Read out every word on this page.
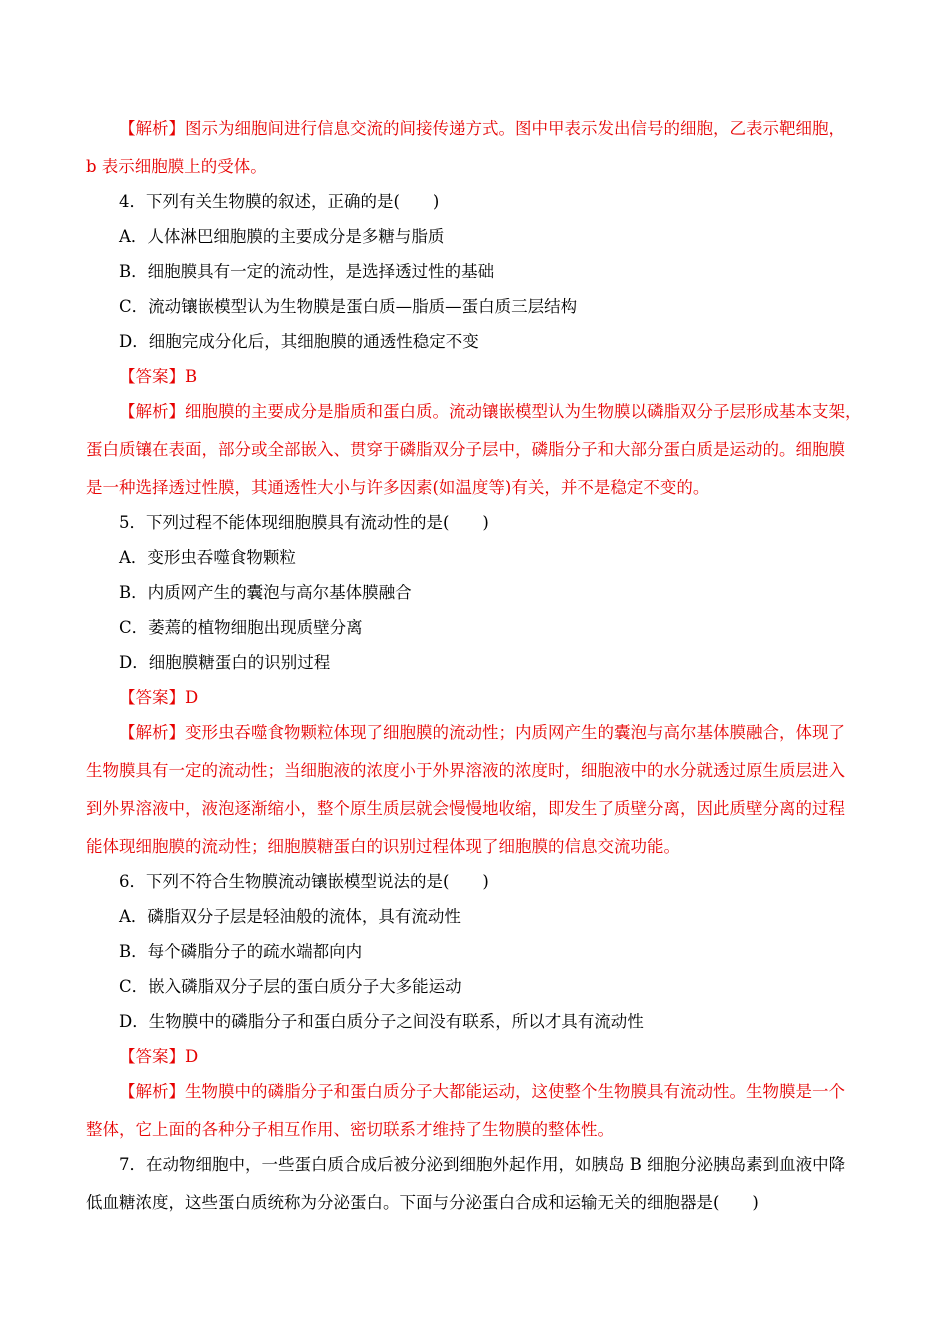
【解析】图示为细胞间进行信息交流的间接传递方式。图中甲表示发出信号的细胞，乙表示靶细胞，
b 表示细胞膜上的受体。
4．下列有关生物膜的叙述，正确的是(　　)
A．人体淋巴细胞膜的主要成分是多糖与脂质
B．细胞膜具有一定的流动性，是选择透过性的基础
C．流动镶嵌模型认为生物膜是蛋白质—脂质—蛋白质三层结构
D．细胞完成分化后，其细胞膜的通透性稳定不变
【答案】B
【解析】细胞膜的主要成分是脂质和蛋白质。流动镶嵌模型认为生物膜以磷脂双分子层形成基本支架，
蛋白质镶在表面，部分或全部嵌入、贯穿于磷脂双分子层中，磷脂分子和大部分蛋白质是运动的。细胞膜
是一种选择透过性膜，其通透性大小与许多因素(如温度等)有关，并不是稳定不变的。
5．下列过程不能体现细胞膜具有流动性的是(　　)
A．变形虫吞噬食物颗粒
B．内质网产生的囊泡与高尔基体膜融合
C．萎蔫的植物细胞出现质壁分离
D．细胞膜糖蛋白的识别过程
【答案】D
【解析】变形虫吞噬食物颗粒体现了细胞膜的流动性；内质网产生的囊泡与高尔基体膜融合，体现了
生物膜具有一定的流动性；当细胞液的浓度小于外界溶液的浓度时，细胞液中的水分就透过原生质层进入
到外界溶液中，液泡逐渐缩小，整个原生质层就会慢慢地收缩，即发生了质壁分离，因此质壁分离的过程
能体现细胞膜的流动性；细胞膜糖蛋白的识别过程体现了细胞膜的信息交流功能。
6．下列不符合生物膜流动镶嵌模型说法的是(　　)
A．磷脂双分子层是轻油般的流体，具有流动性
B．每个磷脂分子的疏水端都向内
C．嵌入磷脂双分子层的蛋白质分子大多能运动
D．生物膜中的磷脂分子和蛋白质分子之间没有联系，所以才具有流动性
【答案】D
【解析】生物膜中的磷脂分子和蛋白质分子大都能运动，这使整个生物膜具有流动性。生物膜是一个
整体，它上面的各种分子相互作用、密切联系才维持了生物膜的整体性。
7．在动物细胞中，一些蛋白质合成后被分泌到细胞外起作用，如胰岛 B 细胞分泌胰岛素到血液中降
低血糖浓度，这些蛋白质统称为分泌蛋白。下面与分泌蛋白合成和运输无关的细胞器是(　　)
